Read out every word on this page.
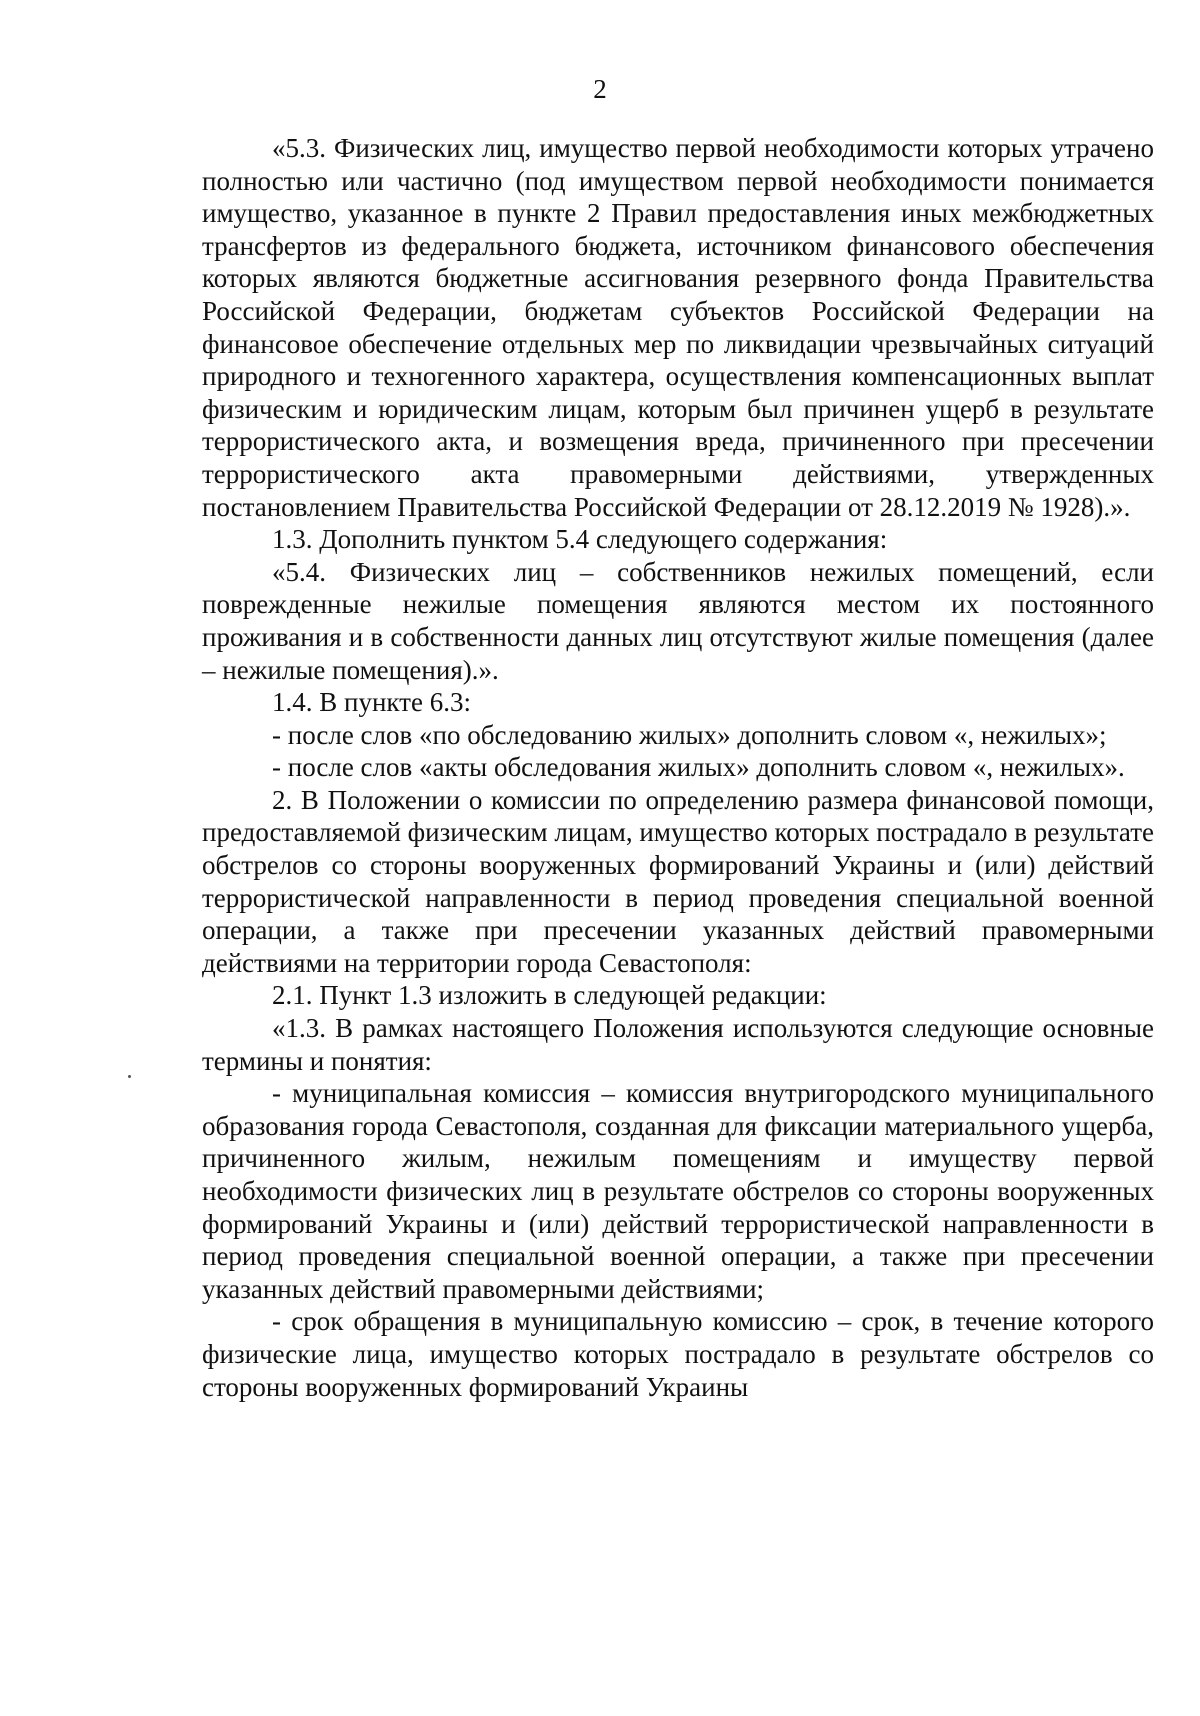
2

«5.3. Физических лиц, имущество первой необходимости которых утрачено полностью или частично (под имуществом первой необходимости понимается имущество, указанное в пункте 2 Правил предоставления иных межбюджетных трансфертов из федерального бюджета, источником финансового обеспечения которых являются бюджетные ассигнования резервного фонда Правительства Российской Федерации, бюджетам субъектов Российской Федерации на финансовое обеспечение отдельных мер по ликвидации чрезвычайных ситуаций природного и техногенного характера, осуществления компенсационных выплат физическим и юридическим лицам, которым был причинен ущерб в результате террористического акта, и возмещения вреда, причиненного при пресечении террористического акта правомерными действиями, утвержденных постановлением Правительства Российской Федерации от 28.12.2019 № 1928).».

1.3. Дополнить пунктом 5.4 следующего содержания:

«5.4. Физических лиц – собственников нежилых помещений, если поврежденные нежилые помещения являются местом их постоянного проживания и в собственности данных лиц отсутствуют жилые помещения (далее – нежилые помещения).».

1.4. В пункте 6.3:

- после слов «по обследованию жилых» дополнить словом «, нежилых»;

- после слов «акты обследования жилых» дополнить словом «, нежилых».

2. В Положении о комиссии по определению размера финансовой помощи, предоставляемой физическим лицам, имущество которых пострадало в результате обстрелов со стороны вооруженных формирований Украины и (или) действий террористической направленности в период проведения специальной военной операции, а также при пресечении указанных действий правомерными действиями на территории города Севастополя:

2.1. Пункт 1.3 изложить в следующей редакции:

«1.3. В рамках настоящего Положения используются следующие основные термины и понятия:

- муниципальная комиссия – комиссия внутригородского муниципального образования города Севастополя, созданная для фиксации материального ущерба, причиненного жилым, нежилым помещениям и имуществу первой необходимости физических лиц в результате обстрелов со стороны вооруженных формирований Украины и (или) действий террористической направленности в период проведения специальной военной операции, а также при пресечении указанных действий правомерными действиями;

- срок обращения в муниципальную комиссию – срок, в течение которого физические лица, имущество которых пострадало в результате обстрелов со стороны вооруженных формирований Украины
